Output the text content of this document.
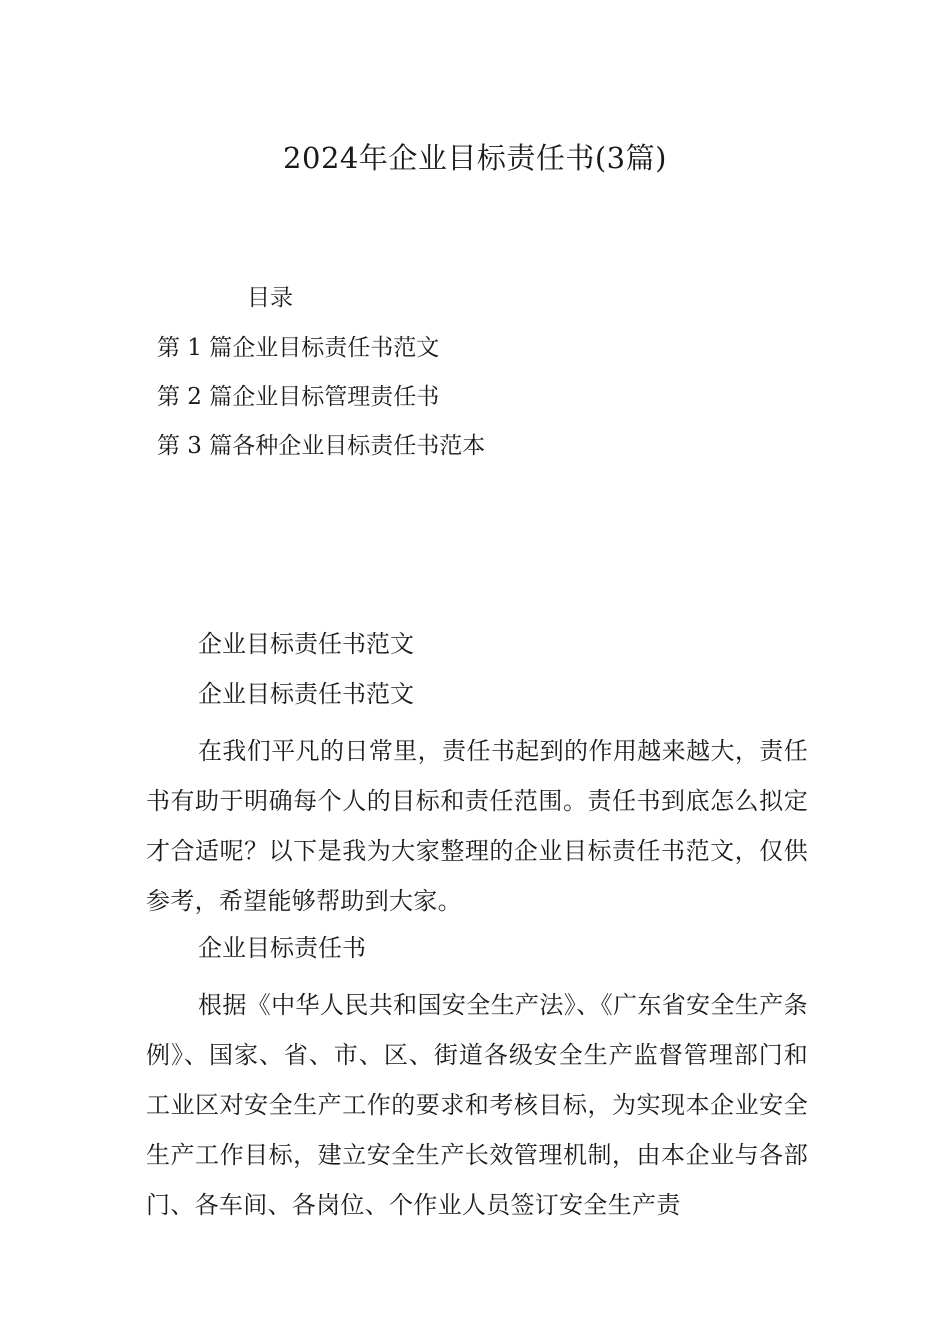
2024年企业目标责任书(3篇)
目录
第 1 篇企业目标责任书范文
第 2 篇企业目标管理责任书
第 3 篇各种企业目标责任书范本
企业目标责任书范文
企业目标责任书范文

在我们平凡的日常里，责任书起到的作用越来越大，责任书有助于明确每个人的目标和责任范围。责任书到底怎么拟定才合适呢？以下是我为大家整理的企业目标责任书范文，仅供参考，希望能够帮助到大家。

企业目标责任书

根据《中华人民共和国安全生产法》、《广东省安全生产条例》、国家、省、市、区、街道各级安全生产监督管理部门和工业区对安全生产工作的要求和考核目标，为实现本企业安全生产工作目标，建立安全生产长效管理机制，由本企业与各部门、各车间、各岗位、个作业人员签订安全生产责
